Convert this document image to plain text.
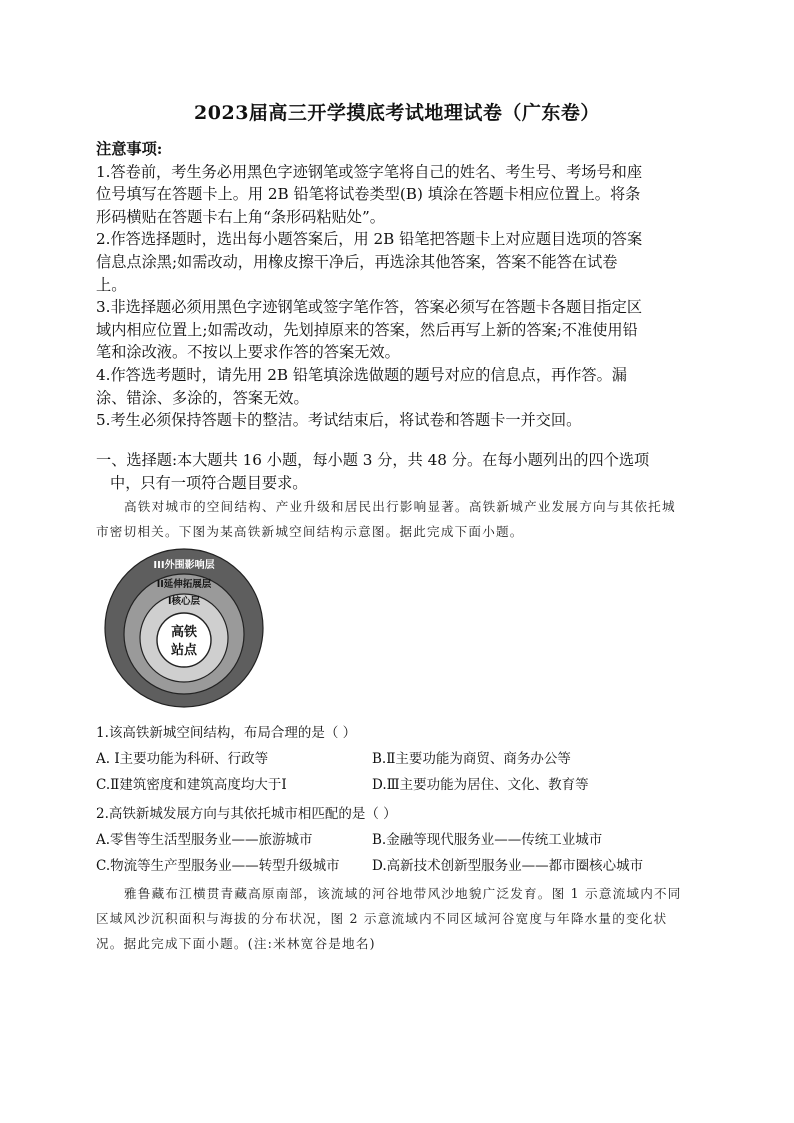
2023届高三开学摸底考试地理试卷（广东卷）

注意事项:

1.答卷前，考生务必用黑色字迹钢笔或签字笔将自己的姓名、考生号、考场号和座

位号填写在答题卡上。用 2B 铅笔将试卷类型(B) 填涂在答题卡相应位置上。将条

形码横贴在答题卡右上角“条形码粘贴处”。

2.作答选择题时，选出每小题答案后，用 2B 铅笔把答题卡上对应题目选项的答案

信息点涂黑;如需改动，用橡皮擦干净后，再选涂其他答案，答案不能答在试卷

上。

3.非选择题必须用黑色字迹钢笔或签字笔作答，答案必须写在答题卡各题目指定区

域内相应位置上;如需改动，先划掉原来的答案，然后再写上新的答案;不准使用铅

笔和涂改液。不按以上要求作答的答案无效。

4.作答选考题时，请先用 2B 铅笔填涂选做题的题号对应的信息点，再作答。漏

涂、错涂、多涂的，答案无效。

5.考生必须保持答题卡的整洁。考试结束后，将试卷和答题卡一并交回。

一、选择题:本大题共 16 小题，每小题 3 分，共 48 分。在每小题列出的四个选项

中，只有一项符合题目要求。

高铁对城市的空间结构、产业升级和居民出行影响显著。高铁新城产业发展方向与其依托城

市密切相关。下图为某高铁新城空间结构示意图。据此完成下面小题。

III外围影响层
II延伸拓展层
I核心层
高铁
站点

1.该高铁新城空间结构，布局合理的是（ ）

A. Ⅰ主要功能为科研、行政等	B.Ⅱ主要功能为商贸、商务办公等
C.Ⅱ建筑密度和建筑高度均大于Ⅰ	D.Ⅲ主要功能为居住、文化、教育等

2.高铁新城发展方向与其依托城市相匹配的是（ ）

A.零售等生活型服务业——旅游城市	B.金融等现代服务业——传统工业城市
C.物流等生产型服务业——转型升级城市	D.高新技术创新型服务业——都市圈核心城市

雅鲁藏布江横贯青藏高原南部，该流域的河谷地带风沙地貌广泛发育。图 1 示意流域内不同

区域风沙沉积面积与海拔的分布状况，图 2 示意流域内不同区域河谷宽度与年降水量的变化状

况。据此完成下面小题。(注:米林宽谷是地名)
